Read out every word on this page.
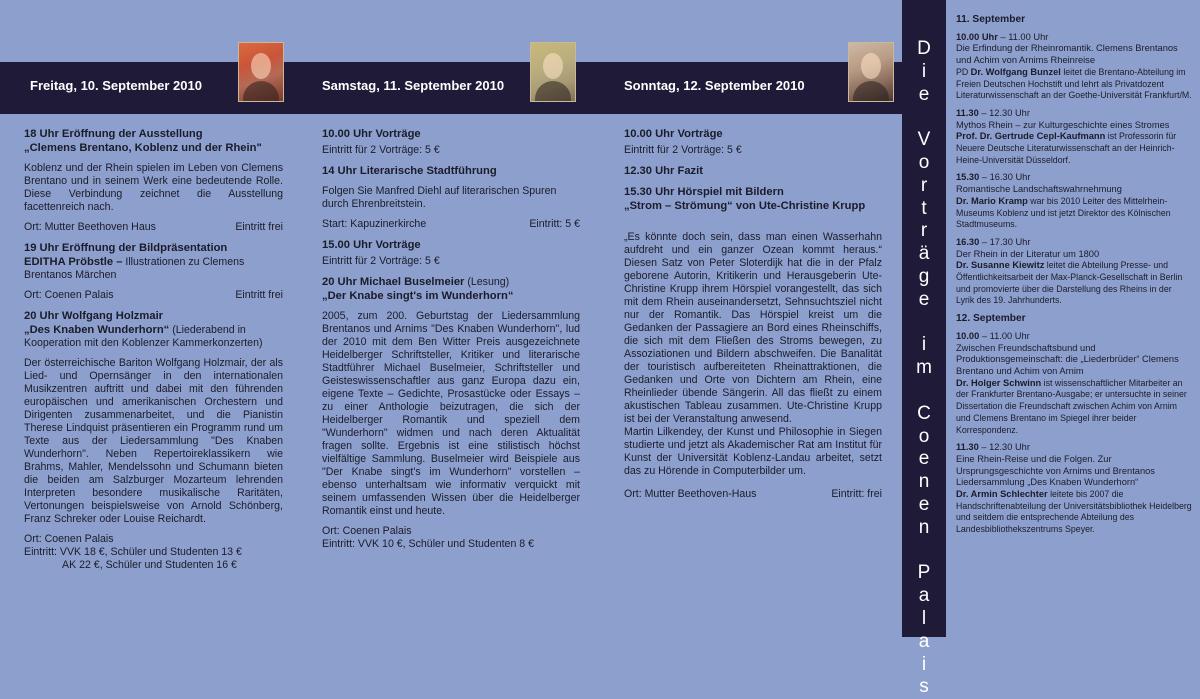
Freitag, 10. September 2010	Samstag, 11. September 2010	Sonntag, 12. September 2010

18 Uhr Eröffnung der Ausstellung
„Clemens Brentano, Koblenz und der Rhein"

Koblenz und der Rhein spielen im Leben von Clemens Brentano und in seinem Werk eine bedeutende Rolle. Diese Verbindung zeichnet die Ausstellung facettenreich nach.

Ort: Mutter Beethoven Haus	Eintritt frei

19 Uhr Eröffnung der Bildpräsentation
EDITHA Pröbstle – Illustrationen zu Clemens Brentanos Märchen

Ort: Coenen Palais	Eintritt frei

20 Uhr Wolfgang Holzmair
„Des Knaben Wunderhorn“ (Liederabend in Kooperation mit den Koblenzer Kammerkonzerten)

Der österreichische Bariton Wolfgang Holzmair, der als Lied- und Opernsänger in den internationalen Musikzentren auftritt und dabei mit den führenden europäischen und amerikanischen Orchestern und Dirigenten zusammenarbeitet, und die Pianistin Therese Lindquist präsentieren ein Programm rund um Texte aus der Liedersammlung "Des Knaben Wunderhorn". Neben Repertoireklassikern wie Brahms, Mahler, Mendelssohn und Schumann bieten die beiden am Salzburger Mozarteum lehrenden Interpreten besondere musikalische Raritäten, Vertonungen beispielsweise von Arnold Schönberg, Franz Schreker oder Louise Reichardt.

Ort: Coenen Palais

Eintritt: VVK 18 €, Schüler und Studenten 13 €

AK 22 €, Schüler und Studenten 16 €

10.00 Uhr Vorträge

Eintritt für 2 Vorträge: 5 €

14 Uhr Literarische Stadtführung

Folgen Sie Manfred Diehl auf literarischen Spuren durch Ehrenbreitstein.

Start: Kapuzinerkirche	Eintritt: 5 €

15.00 Uhr Vorträge

Eintritt für 2 Vorträge: 5 €

20 Uhr Michael Buselmeier (Lesung)
„Der Knabe singt's im Wunderhorn“

2005, zum 200. Geburtstag der Liedersammlung Brentanos und Arnims "Des Knaben Wunderhorn", lud der 2010 mit dem Ben Witter Preis ausgezeichnete Heidelberger Schriftsteller, Kritiker und literarische Stadtführer Michael Buselmeier, Schriftsteller und Geisteswissenschaftler aus ganz Europa dazu ein, eigene Texte – Gedichte, Prosastücke oder Essays – zu einer Anthologie beizutragen, die sich der Heidelberger Romantik und speziell dem "Wunderhorn" widmen und nach deren Aktualität fragen sollte. Ergebnis ist eine stilistisch höchst vielfältige Sammlung. Buselmeier wird Beispiele aus "Der Knabe singt's im Wunderhorn" vorstellen – ebenso unterhaltsam wie informativ verquickt mit seinem umfassenden Wissen über die Heidelberger Romantik einst und heute.

Ort: Coenen Palais

Eintritt: VVK 10 €, Schüler und Studenten 8 €

10.00 Uhr Vorträge

Eintritt für 2 Vorträge: 5 €

12.30 Uhr Fazit

15.30 Uhr Hörspiel mit Bildern
„Strom – Strömung“ von Ute-Christine Krupp

„Es könnte doch sein, dass man einen Wasserhahn aufdreht und ein ganzer Ozean kommt heraus.“ Diesen Satz von Peter Sloterdijk hat die in der Pfalz geborene Autorin, Kritikerin und Herausgeberin Ute-Christine Krupp ihrem Hörspiel vorangestellt, das sich mit dem Rhein auseinandersetzt, Sehnsuchtsziel nicht nur der Romantik. Das Hörspiel kreist um die Gedanken der Passagiere an Bord eines Rheinschiffs, die sich mit dem Fließen des Stroms bewegen, zu Assoziationen und Bildern abschweifen. Die Banalität der touristisch aufbereiteten Rheinattraktionen, die Gedanken und Orte von Dichtern am Rhein, eine Rheinlieder übende Sängerin. All das fließt zu einem akustischen Tableau zusammen. Ute-Christine Krupp ist bei der Veranstaltung anwesend.

Martin Lilkendey, der Kunst und Philosophie in Siegen studierte und jetzt als Akademischer Rat am Institut für Kunst der Universität Koblenz-Landau arbeitet, setzt das zu Hörende in Computerbilder um.

Ort: Mutter Beethoven-Haus	Eintritt: frei

D
i
e

V
o
r
t
r
ä
g
e

i
m

C
o
e
n
e
n

P
a
l
a
i
s

11. September

10.00 Uhr – 11.00 Uhr
Die Erfindung der Rheinromantik. Clemens Brentanos und Achim von Arnims Rheinreise
PD Dr. Wolfgang Bunzel leitet die Brentano-Abteilung im Freien Deutschen Hochstift und lehrt als Privatdozent Literaturwissenschaft an der Goethe-Universität Frankfurt/M.

11.30 – 12.30 Uhr
Mythos Rhein – zur Kulturgeschichte eines Stromes
Prof. Dr. Gertrude Cepl-Kaufmann ist Professorin für Neuere Deutsche Literaturwissenschaft an der Heinrich-Heine-Universität Düsseldorf.

15.30 – 16.30 Uhr
Romantische Landschaftswahrnehmung
Dr. Mario Kramp war bis 2010 Leiter des Mittelrhein-Museums Koblenz und ist jetzt Direktor des Kölnischen Stadtmuseums.

16.30 – 17.30 Uhr
Der Rhein in der Literatur um 1800
Dr. Susanne Kiewitz leitet die Abteilung Presse- und Öffentlichkeitsarbeit der Max-Planck-Gesellschaft in Berlin und promovierte über die Darstellung des Rheins in der Lyrik des 19. Jahrhunderts.

12. September

10.00 – 11.00 Uhr
Zwischen Freundschaftsbund und Produktionsgemeinschaft: die „Liederbrüder“ Clemens Brentano und Achim von Arnim
Dr. Holger Schwinn ist wissenschaftlicher Mitarbeiter an der Frankfurter Brentano-Ausgabe; er untersuchte in seiner Dissertation die Freundschaft zwischen Achim von Arnim und Clemens Brentano im Spiegel ihrer beider Korrespondenz.

11.30 – 12.30 Uhr
Eine Rhein-Reise und die Folgen. Zur Ursprungsgeschichte von Arnims und Brentanos Liedersammlung „Des Knaben Wunderhorn“
Dr. Armin Schlechter leitete bis 2007 die Handschriftenabteilung der Universitätsbibliothek Heidelberg und seitdem die entsprechende Abteilung des Landesbibliothekszentrums Speyer.
